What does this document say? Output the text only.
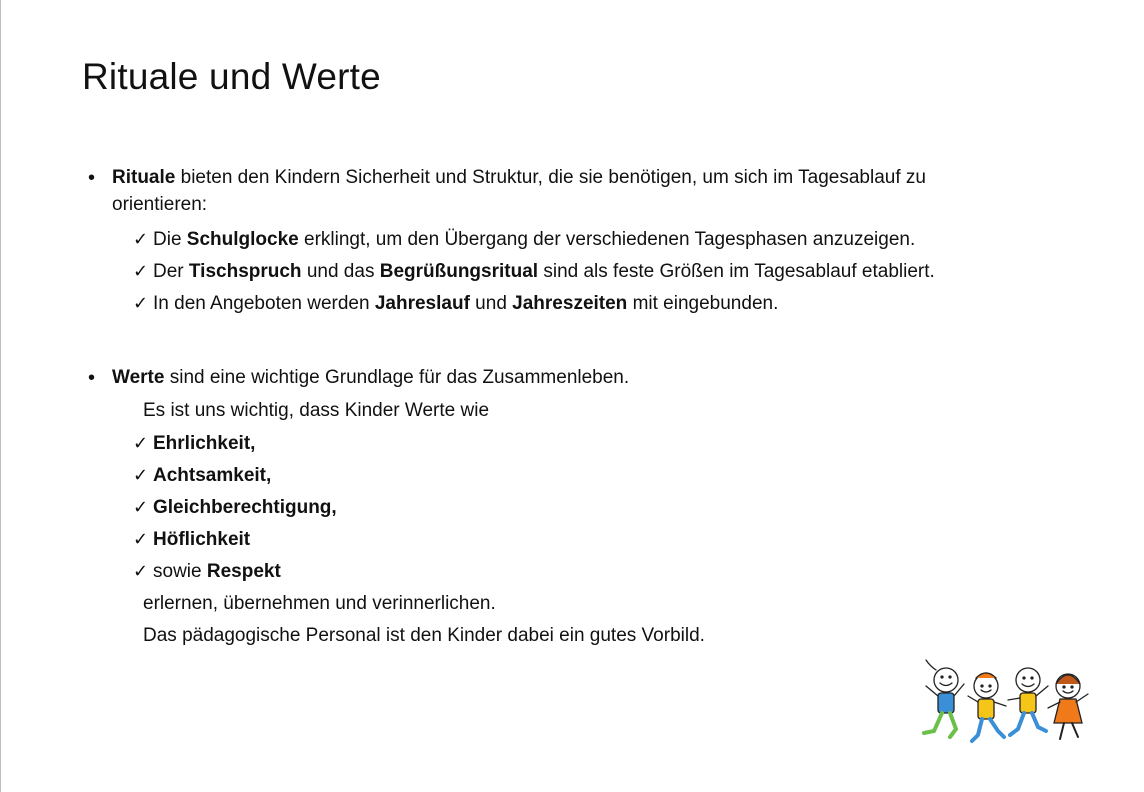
Rituale und Werte
• Rituale bieten den Kindern Sicherheit und Struktur, die sie benötigen, um sich im Tagesablauf zu
orientieren:
✓ Die Schulglocke erklingt, um den Übergang der verschiedenen Tagesphasen anzuzeigen.
✓ Der Tischspruch und das Begrüßungsritual sind als feste Größen im Tagesablauf etabliert.
✓ In den Angeboten werden Jahreslauf und Jahreszeiten mit eingebunden.
• Werte sind eine wichtige Grundlage für das Zusammenleben.
Es ist uns wichtig, dass Kinder Werte wie
✓ Ehrlichkeit,
✓ Achtsamkeit,
✓ Gleichberechtigung,
✓ Höflichkeit
✓ sowie Respekt
erlernen, übernehmen und verinnerlichen.
Das pädagogische Personal ist den Kinder dabei ein gutes Vorbild.
